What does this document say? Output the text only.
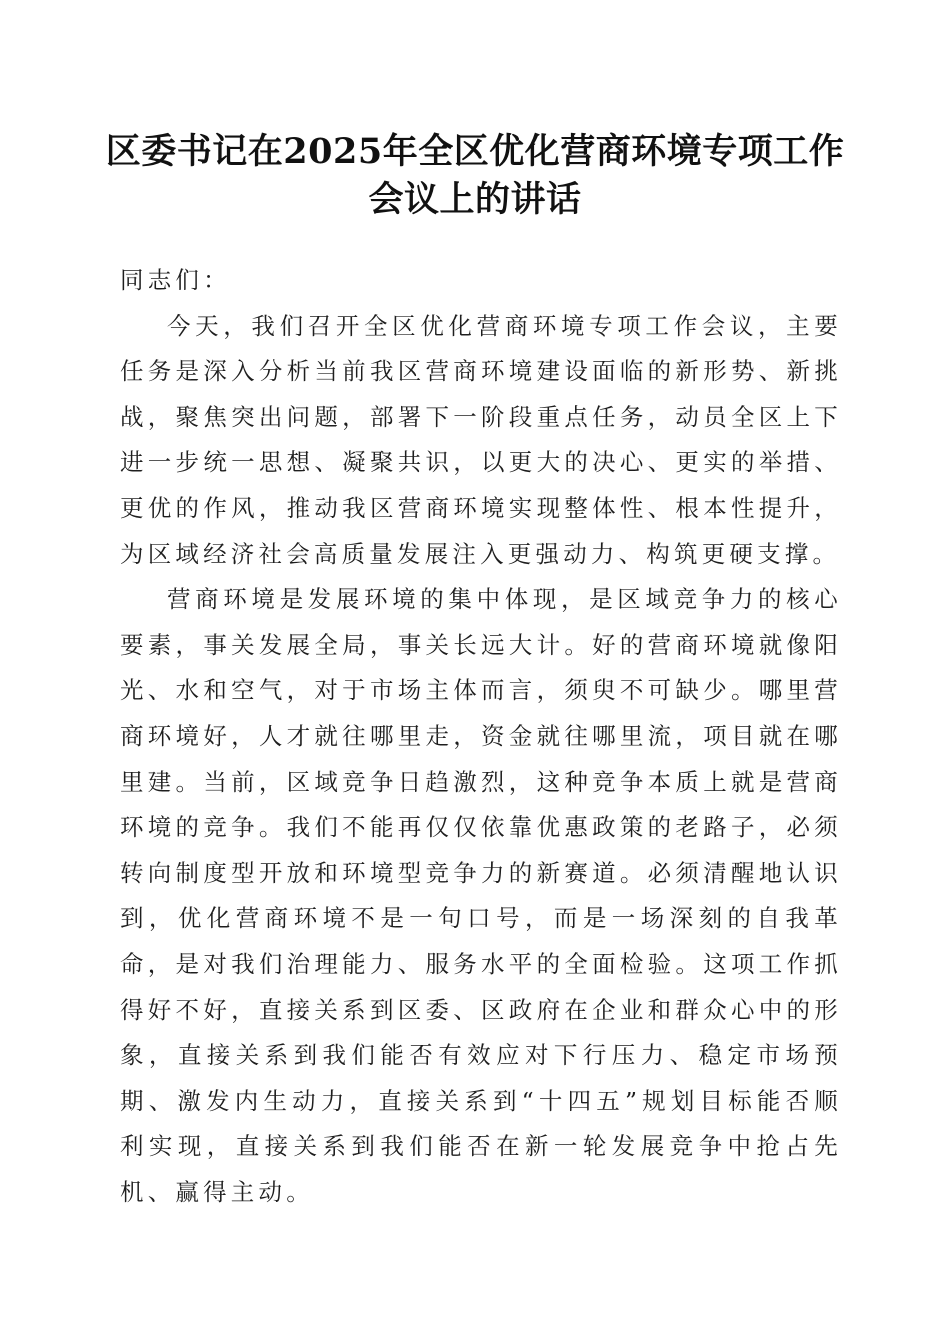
区委书记在2025年全区优化营商环境专项工作会议上的讲话

同志们：

今天，我们召开全区优化营商环境专项工作会议，主要任务是深入分析当前我区营商环境建设面临的新形势、新挑战，聚焦突出问题，部署下一阶段重点任务，动员全区上下进一步统一思想、凝聚共识，以更大的决心、更实的举措、更优的作风，推动我区营商环境实现整体性、根本性提升，为区域经济社会高质量发展注入更强动力、构筑更硬支撑。

营商环境是发展环境的集中体现，是区域竞争力的核心要素，事关发展全局，事关长远大计。好的营商环境就像阳光、水和空气，对于市场主体而言，须臾不可缺少。哪里营商环境好，人才就往哪里走，资金就往哪里流，项目就在哪里建。当前，区域竞争日趋激烈，这种竞争本质上就是营商环境的竞争。我们不能再仅仅依靠优惠政策的老路子，必须转向制度型开放和环境型竞争力的新赛道。必须清醒地认识到，优化营商环境不是一句口号，而是一场深刻的自我革命，是对我们治理能力、服务水平的全面检验。这项工作抓得好不好，直接关系到区委、区政府在企业和群众心中的形象，直接关系到我们能否有效应对下行压力、稳定市场预期、激发内生动力，直接关系到“十四五”规划目标能否顺利实现，直接关系到我们能否在新一轮发展竞争中抢占先机、赢得主动。
